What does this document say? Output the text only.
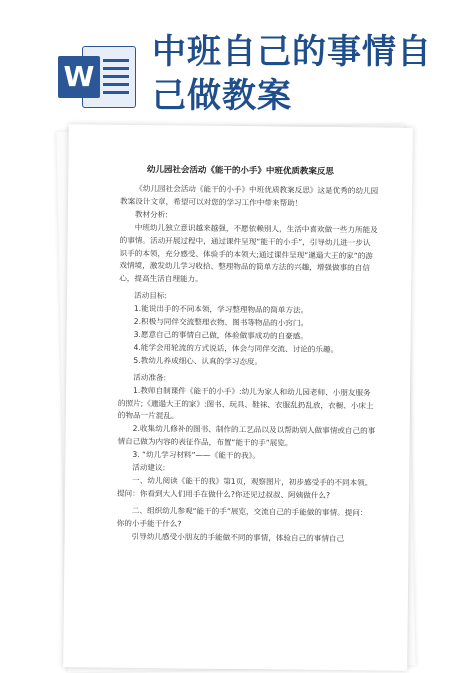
W
中班自己的事情自己做教案
幼儿园社会活动《能干的小手》中班优质教案反思

《幼儿园社会活动《能干的小手》中班优质教案反思》这是优秀的幼儿园教案设计文章，希望可以对您的学习工作中带来帮助！

教材分析:

中班幼儿独立意识越来越强，不愿依赖别人，生活中喜欢做一些力所能及的事情。活动开展过程中，通过课件呈现“能干的小手”，引导幼儿进一步认识手的本领，充分感受、体验手的本领大;通过课件呈现“邋遢大王的家”的游戏情境，激发幼儿学习收拾、整理物品的简单方法的兴趣，增强做事的自信心，提高生活自理能力。

活动目标:

1.能说出手的不同本领，学习整理物品的简单方法。

2.积极与同伴交流整理衣物、图书等物品的小窍门。

3.愿意自己的事情自己做，体验做事成功的自豪感。

4.能学会用轮流的方式说话，体会与同伴交流、讨论的乐趣。

5.教幼儿养成细心、认真的学习态度。

活动准备:

1.教师自制课件《能干的小手》:幼儿为家人和幼儿园老师、小朋友服务的照片;《邋遢大王的家》:图书、玩具、鞋袜、衣服乱扔乱放，衣橱、小床上的物品一片混乱。

2.收集幼儿修补的图书、制作的工艺品以及以帮助别人做事情或自己的事情自己做为内容的表征作品，布置“能干的手”展览。

3. “幼儿学习材料”——《能干的我》。

活动建议:

一、幼儿阅读《能干的我》第1页，观察图片，初步感受手的不同本领。提问：你看到大人们用手在做什么?你还见过叔叔、阿姨做什么?

二、组织幼儿参观“能干的手”展览，交流自己的手能做的事情。提问：你的小手能干什么?

引导幼儿感受小朋友的手能做不同的事情，体验自己的事情自己
